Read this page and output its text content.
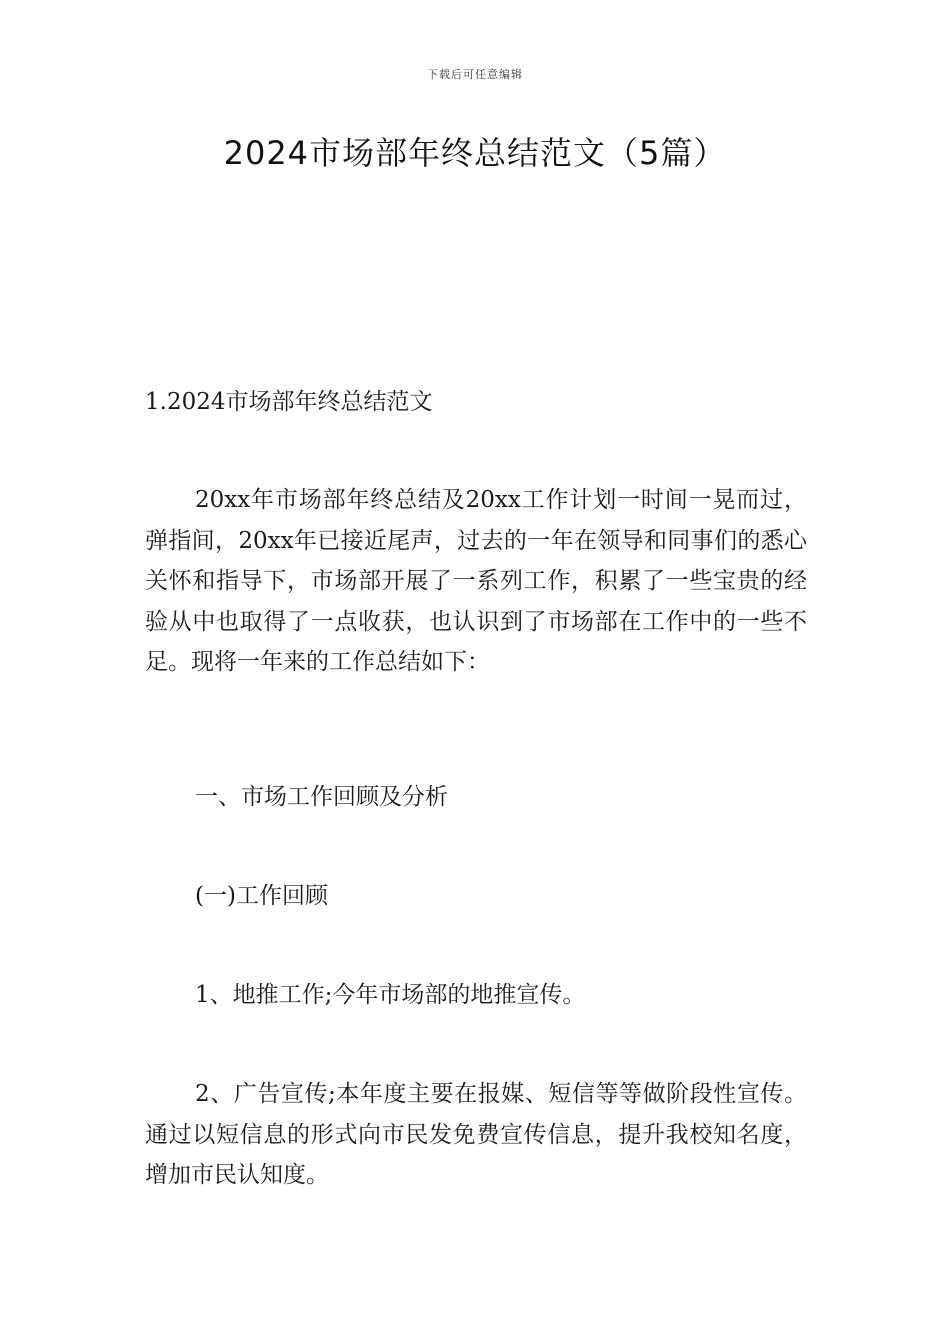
下载后可任意编辑
2024市场部年终总结范文（5篇）
1.2024市场部年终总结范文

20xx年市场部年终总结及20xx工作计划一时间一晃而过，弹指间，20xx年已接近尾声，过去的一年在领导和同事们的悉心关怀和指导下，市场部开展了一系列工作，积累了一些宝贵的经验从中也取得了一点收获，也认识到了市场部在工作中的一些不足。现将一年来的工作总结如下：

一、市场工作回顾及分析

(一)工作回顾

1、地推工作;今年市场部的地推宣传。

2、广告宣传;本年度主要在报媒、短信等等做阶段性宣传。通过以短信息的形式向市民发免费宣传信息，提升我校知名度，增加市民认知度。
